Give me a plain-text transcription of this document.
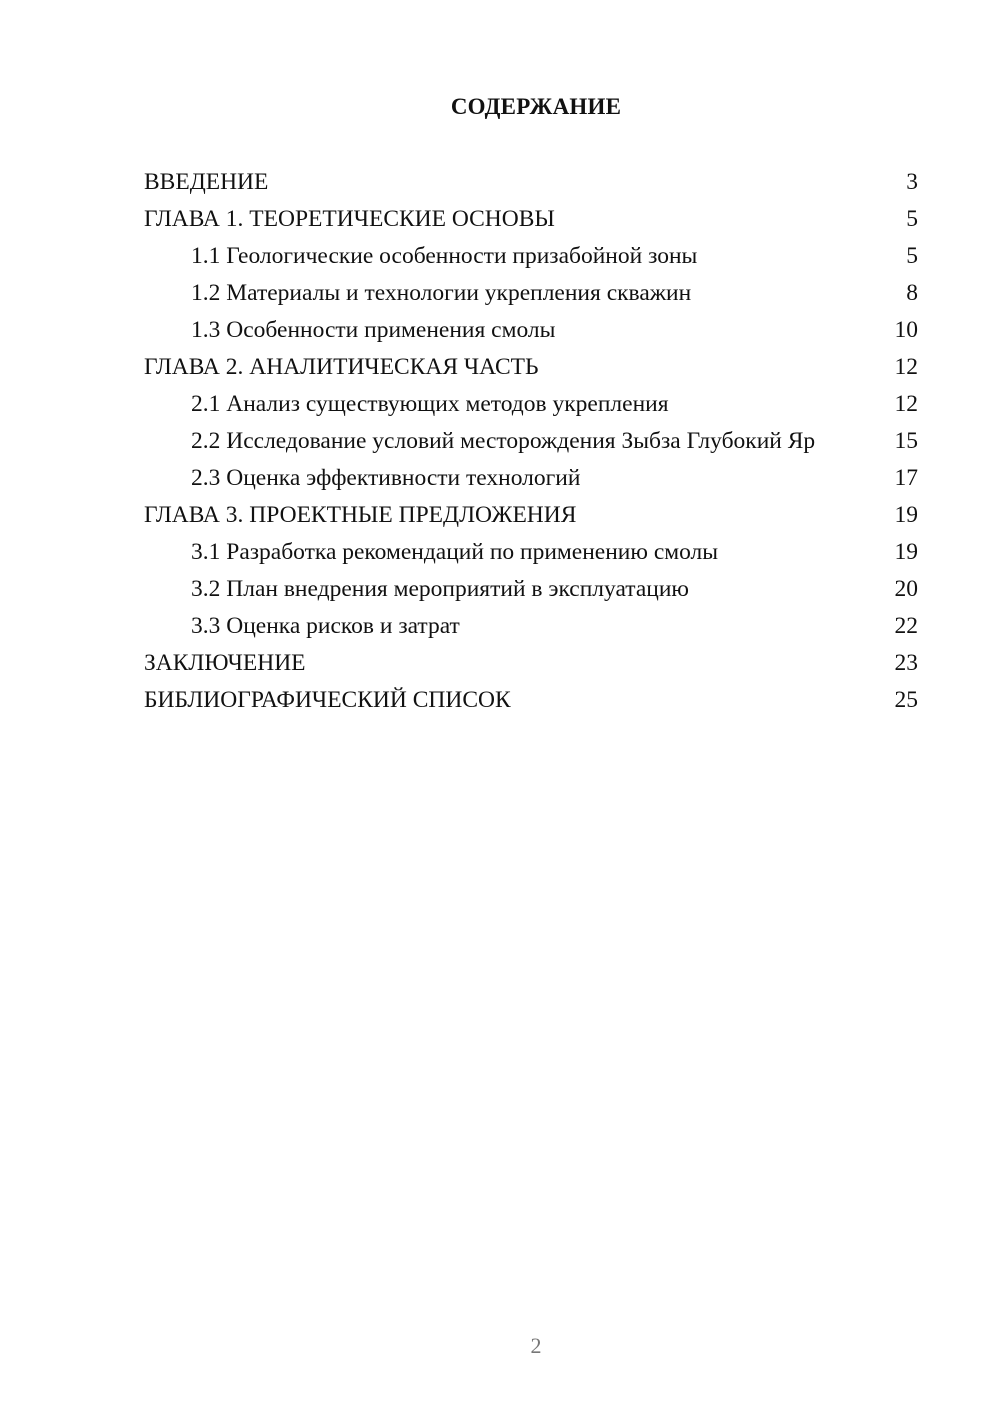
СОДЕРЖАНИЕ
ВВЕДЕНИЕ	3
ГЛАВА 1. ТЕОРЕТИЧЕСКИЕ ОСНОВЫ	5
1.1 Геологические особенности призабойной зоны	5
1.2 Материалы и технологии укрепления скважин	8
1.3 Особенности применения смолы	10
ГЛАВА 2. АНАЛИТИЧЕСКАЯ ЧАСТЬ	12
2.1 Анализ существующих методов укрепления	12
2.2 Исследование условий месторождения Зыбза Глубокий Яр	15
2.3 Оценка эффективности технологий	17
ГЛАВА 3. ПРОЕКТНЫЕ ПРЕДЛОЖЕНИЯ	19
3.1 Разработка рекомендаций по применению смолы	19
3.2 План внедрения мероприятий в эксплуатацию	20
3.3 Оценка рисков и затрат	22
ЗАКЛЮЧЕНИЕ	23
БИБЛИОГРАФИЧЕСКИЙ СПИСОК	25
2
